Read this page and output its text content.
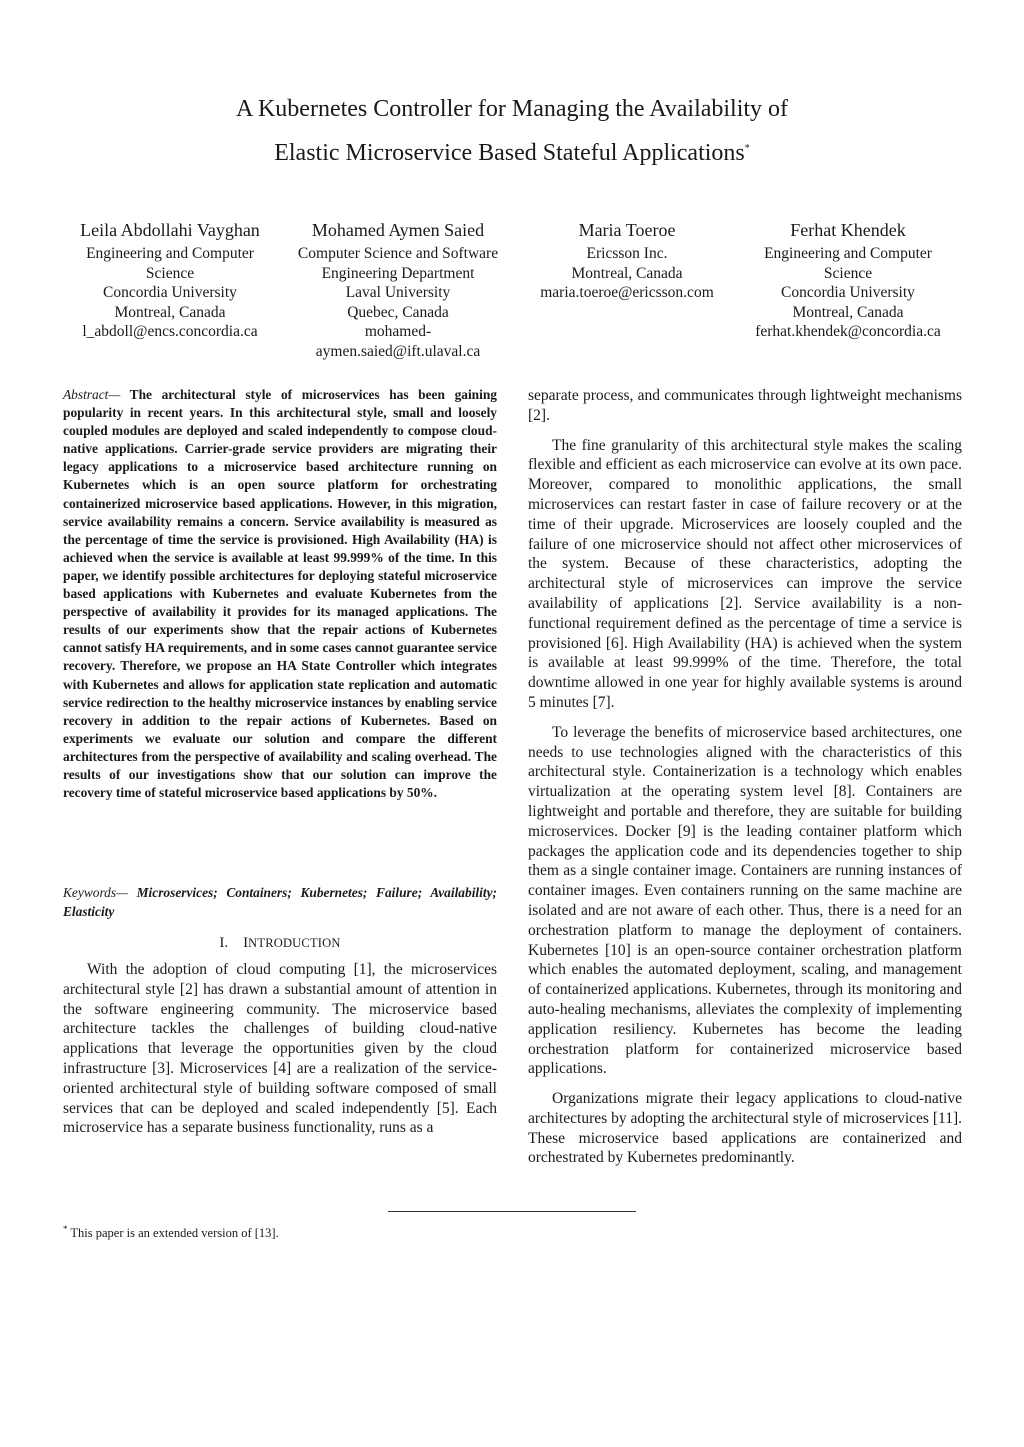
A Kubernetes Controller for Managing the Availability of
Elastic Microservice Based Stateful Applications*
Leila Abdollahi Vayghan
Engineering and Computer
Science
Concordia University
Montreal, Canada
l_abdoll@encs.concordia.ca
Mohamed Aymen Saied
Computer Science and Software
Engineering Department
Laval University
Quebec, Canada
mohamed-
aymen.saied@ift.ulaval.ca
Maria Toeroe
Ericsson Inc.
Montreal, Canada
maria.toeroe@ericsson.com
Ferhat Khendek
Engineering and Computer
Science
Concordia University
Montreal, Canada
ferhat.khendek@concordia.ca

Abstract— The architectural style of microservices has been gaining popularity in recent years. In this architectural style, small and loosely coupled modules are deployed and scaled independently to compose cloud-native applications. Carrier-grade service providers are migrating their legacy applications to a microservice based architecture running on Kubernetes which is an open source platform for orchestrating containerized microservice based applications. However, in this migration, service availability remains a concern. Service availability is measured as the percentage of time the service is provisioned. High Availability (HA) is achieved when the service is available at least 99.999% of the time. In this paper, we identify possible architectures for deploying stateful microservice based applications with Kubernetes and evaluate Kubernetes from the perspective of availability it provides for its managed applications. The results of our experiments show that the repair actions of Kubernetes cannot satisfy HA requirements, and in some cases cannot guarantee service recovery. Therefore, we propose an HA State Controller which integrates with Kubernetes and allows for application state replication and automatic service redirection to the healthy microservice instances by enabling service recovery in addition to the repair actions of Kubernetes. Based on experiments we evaluate our solution and compare the different architectures from the perspective of availability and scaling overhead. The results of our investigations show that our solution can improve the recovery time of stateful microservice based applications by 50%.

Keywords— Microservices; Containers; Kubernetes; Failure; Availability; Elasticity

I. INTRODUCTION

With the adoption of cloud computing [1], the microservices architectural style [2] has drawn a substantial amount of attention in the software engineering community. The microservice based architecture tackles the challenges of building cloud-native applications that leverage the opportunities given by the cloud infrastructure [3]. Microservices [4] are a realization of the service-oriented architectural style of building software composed of small services that can be deployed and scaled independently [5]. Each microservice has a separate business functionality, runs as a

separate process, and communicates through lightweight mechanisms [2].

The fine granularity of this architectural style makes the scaling flexible and efficient as each microservice can evolve at its own pace. Moreover, compared to monolithic applications, the small microservices can restart faster in case of failure recovery or at the time of their upgrade. Microservices are loosely coupled and the failure of one microservice should not affect other microservices of the system. Because of these characteristics, adopting the architectural style of microservices can improve the service availability of applications [2]. Service availability is a non-functional requirement defined as the percentage of time a service is provisioned [6]. High Availability (HA) is achieved when the system is available at least 99.999% of the time. Therefore, the total downtime allowed in one year for highly available systems is around 5 minutes [7].

To leverage the benefits of microservice based architectures, one needs to use technologies aligned with the characteristics of this architectural style. Containerization is a technology which enables virtualization at the operating system level [8]. Containers are lightweight and portable and therefore, they are suitable for building microservices. Docker [9] is the leading container platform which packages the application code and its dependencies together to ship them as a single container image. Containers are running instances of container images. Even containers running on the same machine are isolated and are not aware of each other. Thus, there is a need for an orchestration platform to manage the deployment of containers. Kubernetes [10] is an open-source container orchestration platform which enables the automated deployment, scaling, and management of containerized applications. Kubernetes, through its monitoring and auto-healing mechanisms, alleviates the complexity of implementing application resiliency. Kubernetes has become the leading orchestration platform for containerized microservice based applications.

Organizations migrate their legacy applications to cloud-native architectures by adopting the architectural style of microservices [11]. These microservice based applications are containerized and orchestrated by Kubernetes predominantly.

* This paper is an extended version of [13].
